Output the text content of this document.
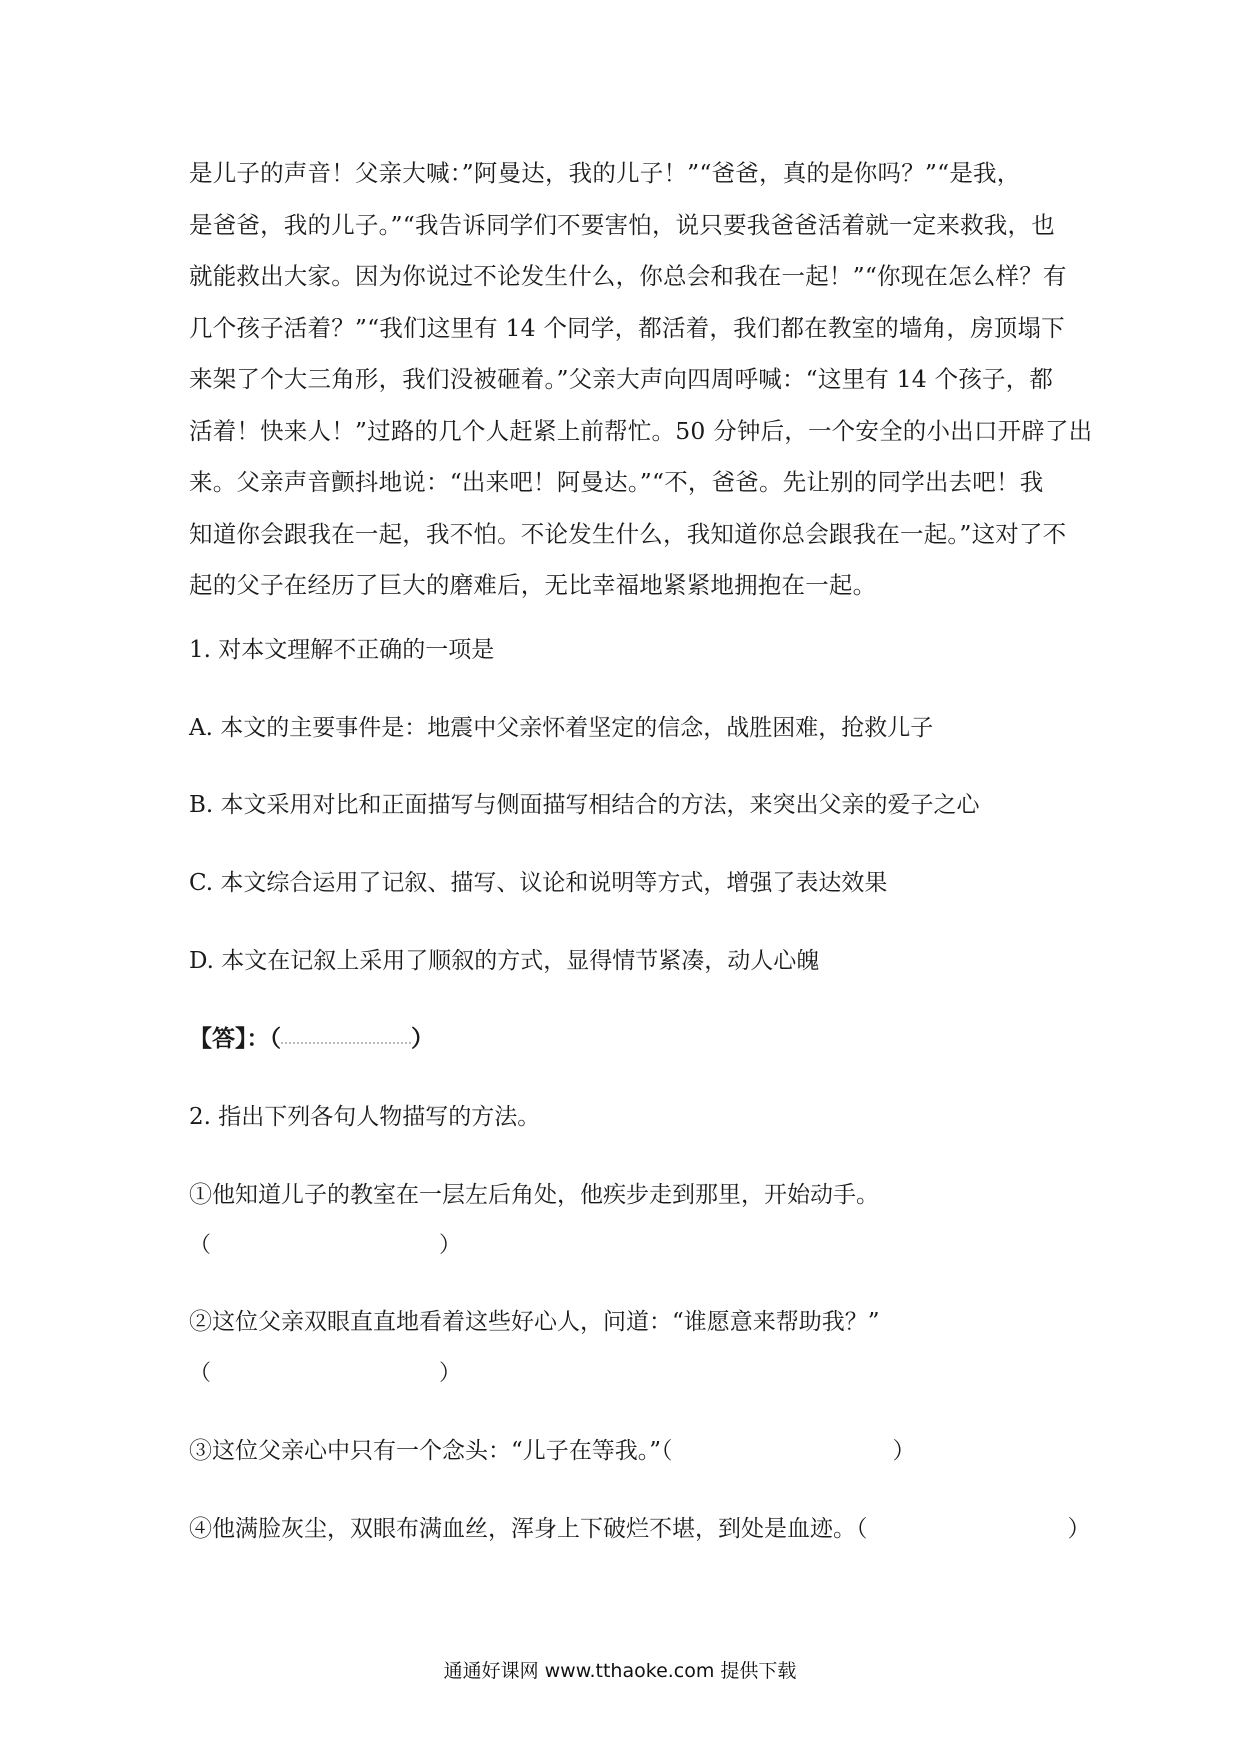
是儿子的声音！父亲大喊：”阿曼达，我的儿子！”“爸爸，真的是你吗？”“是我，
是爸爸，我的儿子。”“我告诉同学们不要害怕，说只要我爸爸活着就一定来救我，也
就能救出大家。因为你说过不论发生什么，你总会和我在一起！”“你现在怎么样？有
几个孩子活着？”“我们这里有 14 个同学，都活着，我们都在教室的墙角，房顶塌下
来架了个大三角形，我们没被砸着。”父亲大声向四周呼喊：“这里有 14 个孩子，都
活着！快来人！”过路的几个人赶紧上前帮忙。50 分钟后，一个安全的小出口开辟了出
来。父亲声音颤抖地说：“出来吧！阿曼达。”“不，爸爸。先让别的同学出去吧！我
知道你会跟我在一起，我不怕。不论发生什么，我知道你总会跟我在一起。”这对了不
起的父子在经历了巨大的磨难后，无比幸福地紧紧地拥抱在一起。
1. 对本文理解不正确的一项是
A. 本文的主要事件是：地震中父亲怀着坚定的信念，战胜困难，抢救儿子
B. 本文采用对比和正面描写与侧面描写相结合的方法，来突出父亲的爱子之心
C. 本文综合运用了记叙、描写、议论和说明等方式，增强了表达效果
D. 本文在记叙上采用了顺叙的方式，显得情节紧凑，动人心魄
【答】：（	）
2. 指出下列各句人物描写的方法。
①他知道儿子的教室在一层左后角处，他疾步走到那里，开始动手。
（	）
②这位父亲双眼直直地看着这些好心人，问道：“谁愿意来帮助我？”
（	）
③这位父亲心中只有一个念头：“儿子在等我。”（	）
④他满脸灰尘，双眼布满血丝，浑身上下破烂不堪，到处是血迹。（	）
通通好课网 www.tthaoke.com 提供下载
